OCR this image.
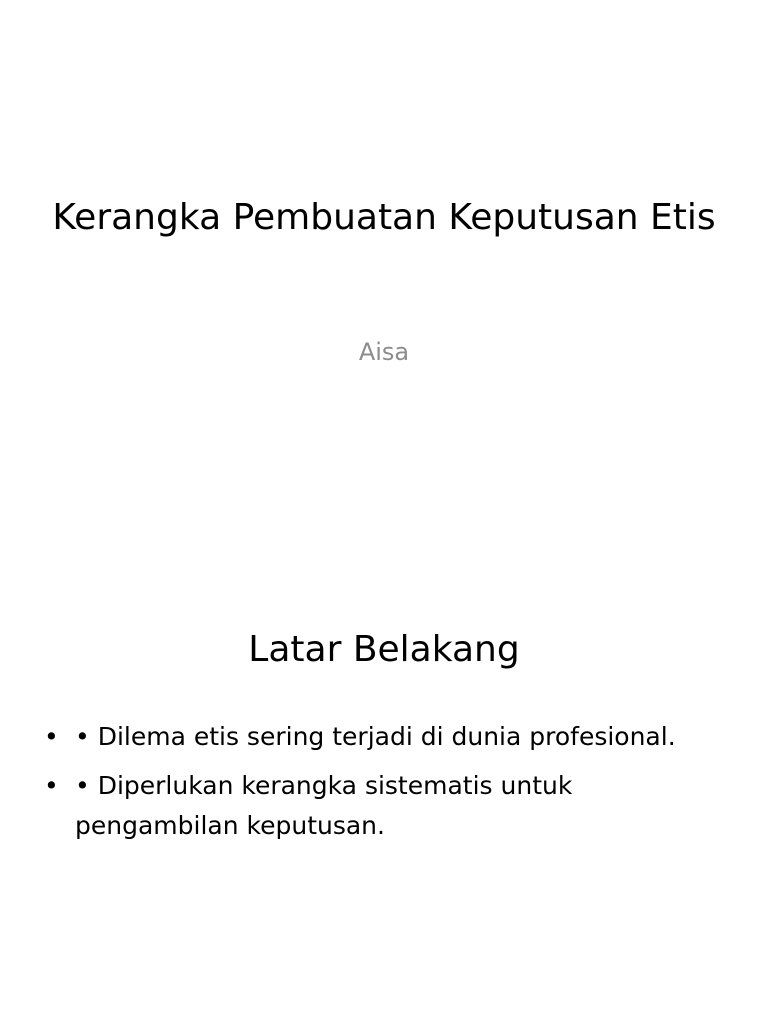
Kerangka Pembuatan Keputusan Etis

Aisa

Latar Belakang
• • Dilema etis sering terjadi di dunia profesional.
• • Diperlukan kerangka sistematis untuk pengambilan keputusan.
